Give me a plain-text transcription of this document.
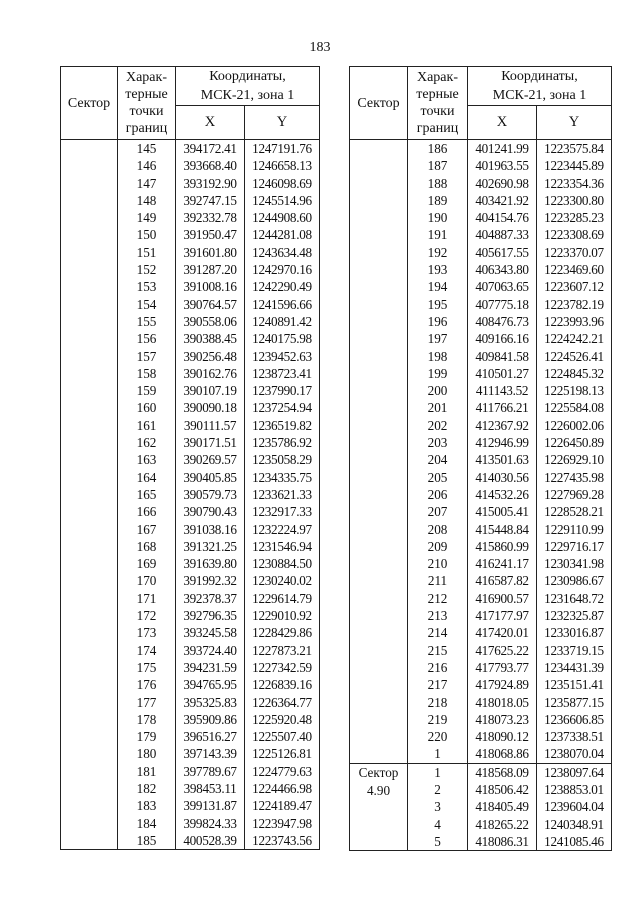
183
Сектор	Харак-
терные
точки
границ	Координаты,
МСК-21, зона 1	
		X	Y
	145	394172.41	1247191.76
	146	393668.40	1246658.13
	147	393192.90	1246098.69
	148	392747.15	1245514.96
	149	392332.78	1244908.60
	150	391950.47	1244281.08
	151	391601.80	1243634.48
	152	391287.20	1242970.16
	153	391008.16	1242290.49
	154	390764.57	1241596.66
	155	390558.06	1240891.42
	156	390388.45	1240175.98
	157	390256.48	1239452.63
	158	390162.76	1238723.41
	159	390107.19	1237990.17
	160	390090.18	1237254.94
	161	390111.57	1236519.82
	162	390171.51	1235786.92
	163	390269.57	1235058.29
	164	390405.85	1234335.75
	165	390579.73	1233621.33
	166	390790.43	1232917.33
	167	391038.16	1232224.97
	168	391321.25	1231546.94
	169	391639.80	1230884.50
	170	391992.32	1230240.02
	171	392378.37	1229614.79
	172	392796.35	1229010.92
	173	393245.58	1228429.86
	174	393724.40	1227873.21
	175	394231.59	1227342.59
	176	394765.95	1226839.16
	177	395325.83	1226364.77
	178	395909.86	1225920.48
	179	396516.27	1225507.40
	180	397143.39	1225126.81
	181	397789.67	1224779.63
	182	398453.11	1224466.98
	183	399131.87	1224189.47
	184	399824.33	1223947.98
	185	400528.39	1223743.56
Сектор	Харак-
терные
точки
границ	Координаты,
МСК-21, зона 1	
		X	Y
	186	401241.99	1223575.84
	187	401963.55	1223445.89
	188	402690.98	1223354.36
	189	403421.92	1223300.80
	190	404154.76	1223285.23
	191	404887.33	1223308.69
	192	405617.55	1223370.07
	193	406343.80	1223469.60
	194	407063.65	1223607.12
	195	407775.18	1223782.19
	196	408476.73	1223993.96
	197	409166.16	1224242.21
	198	409841.58	1224526.41
	199	410501.27	1224845.32
	200	411143.52	1225198.13
	201	411766.21	1225584.08
	202	412367.92	1226002.06
	203	412946.99	1226450.89
	204	413501.63	1226929.10
	205	414030.56	1227435.98
	206	414532.26	1227969.28
	207	415005.41	1228528.21
	208	415448.84	1229110.99
	209	415860.99	1229716.17
	210	416241.17	1230341.98
	211	416587.82	1230986.67
	212	416900.57	1231648.72
	213	417177.97	1232325.87
	214	417420.01	1233016.87
	215	417625.22	1233719.15
	216	417793.77	1234431.39
	217	417924.89	1235151.41
	218	418018.05	1235877.15
	219	418073.23	1236606.85
	220	418090.12	1237338.51
	1	418068.86	1238070.04
Сектор
4.90	1	418568.09	1238097.64
	2	418506.42	1238853.01
	3	418405.49	1239604.04
	4	418265.22	1240348.91
	5	418086.31	1241085.46
